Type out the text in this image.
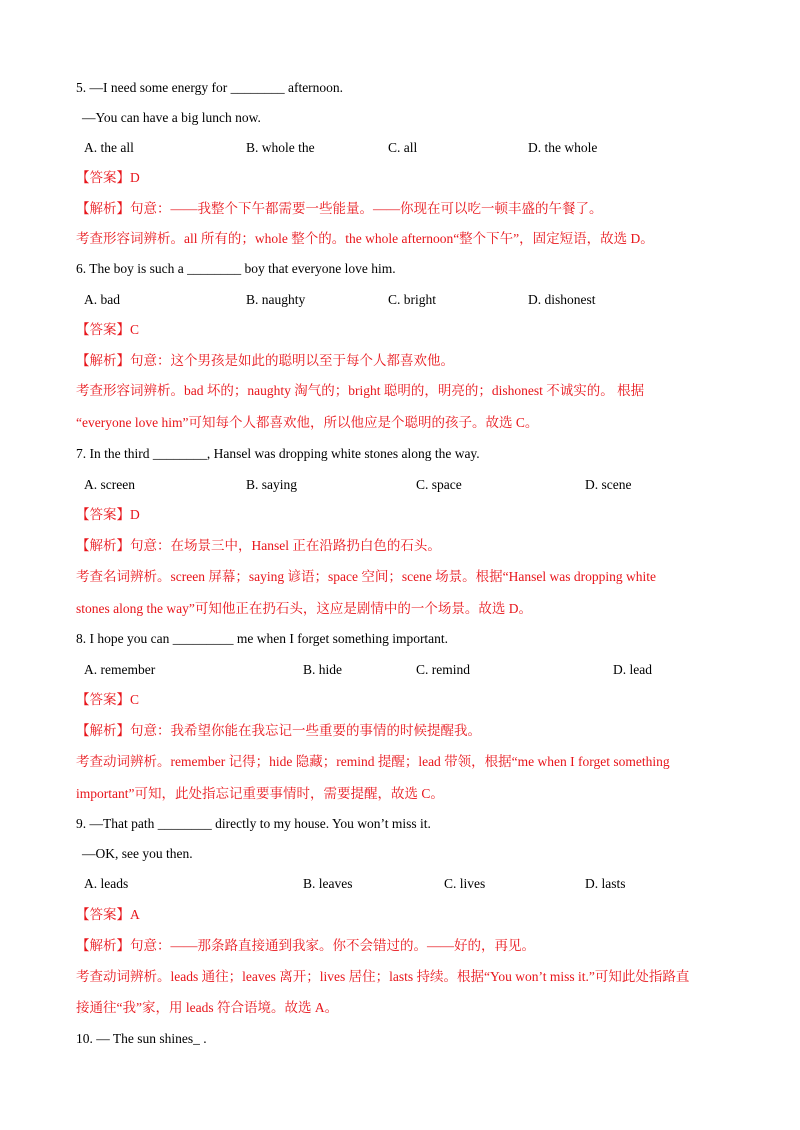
5. —I need some energy for ________ afternoon.
—You can have a big lunch now.
A. the all	B. whole the	C. all	D. the whole
【答案】D
【解析】句意：——我整个下午都需要一些能量。——你现在可以吃一顿丰盛的午餐了。
考查形容词辨析。all 所有的；whole 整个的。the whole afternoon“整个下午”，固定短语，故选 D。
6. The boy is such a ________ boy that everyone love him.
A. bad	B. naughty	C. bright	D. dishonest
【答案】C
【解析】句意：这个男孩是如此的聪明以至于每个人都喜欢他。
考查形容词辨析。bad 坏的；naughty 淘气的；bright 聪明的，明亮的；dishonest 不诚实的。 根据
“everyone love him”可知每个人都喜欢他，所以他应是个聪明的孩子。故选 C。
7. In the third ________, Hansel was dropping white stones along the way.
A. screen	B. saying	C. space	D. scene
【答案】D
【解析】句意：在场景三中，Hansel 正在沿路扔白色的石头。
考查名词辨析。screen 屏幕；saying 谚语；space 空间；scene 场景。根据“Hansel was dropping white
stones along the way”可知他正在扔石头，这应是剧情中的一个场景。故选 D。
8. I hope you can _________ me when I forget something important.
A. remember	B. hide	C. remind	D. lead
【答案】C
【解析】句意：我希望你能在我忘记一些重要的事情的时候提醒我。
考查动词辨析。remember 记得；hide 隐藏；remind 提醒；lead 带领，根据“me when I forget something
important”可知，此处指忘记重要事情时，需要提醒，故选 C。
9. —That path ________ directly to my house. You won’t miss it.
—OK, see you then.
A. leads	B. leaves	C. lives	D. lasts
【答案】A
【解析】句意：——那条路直接通到我家。你不会错过的。——好的，再见。
考查动词辨析。leads 通往；leaves 离开；lives 居住；lasts 持续。根据“You won’t miss it.”可知此处指路直
接通往“我”家，用 leads 符合语境。故选 A。
10. — The sun shines_ .
